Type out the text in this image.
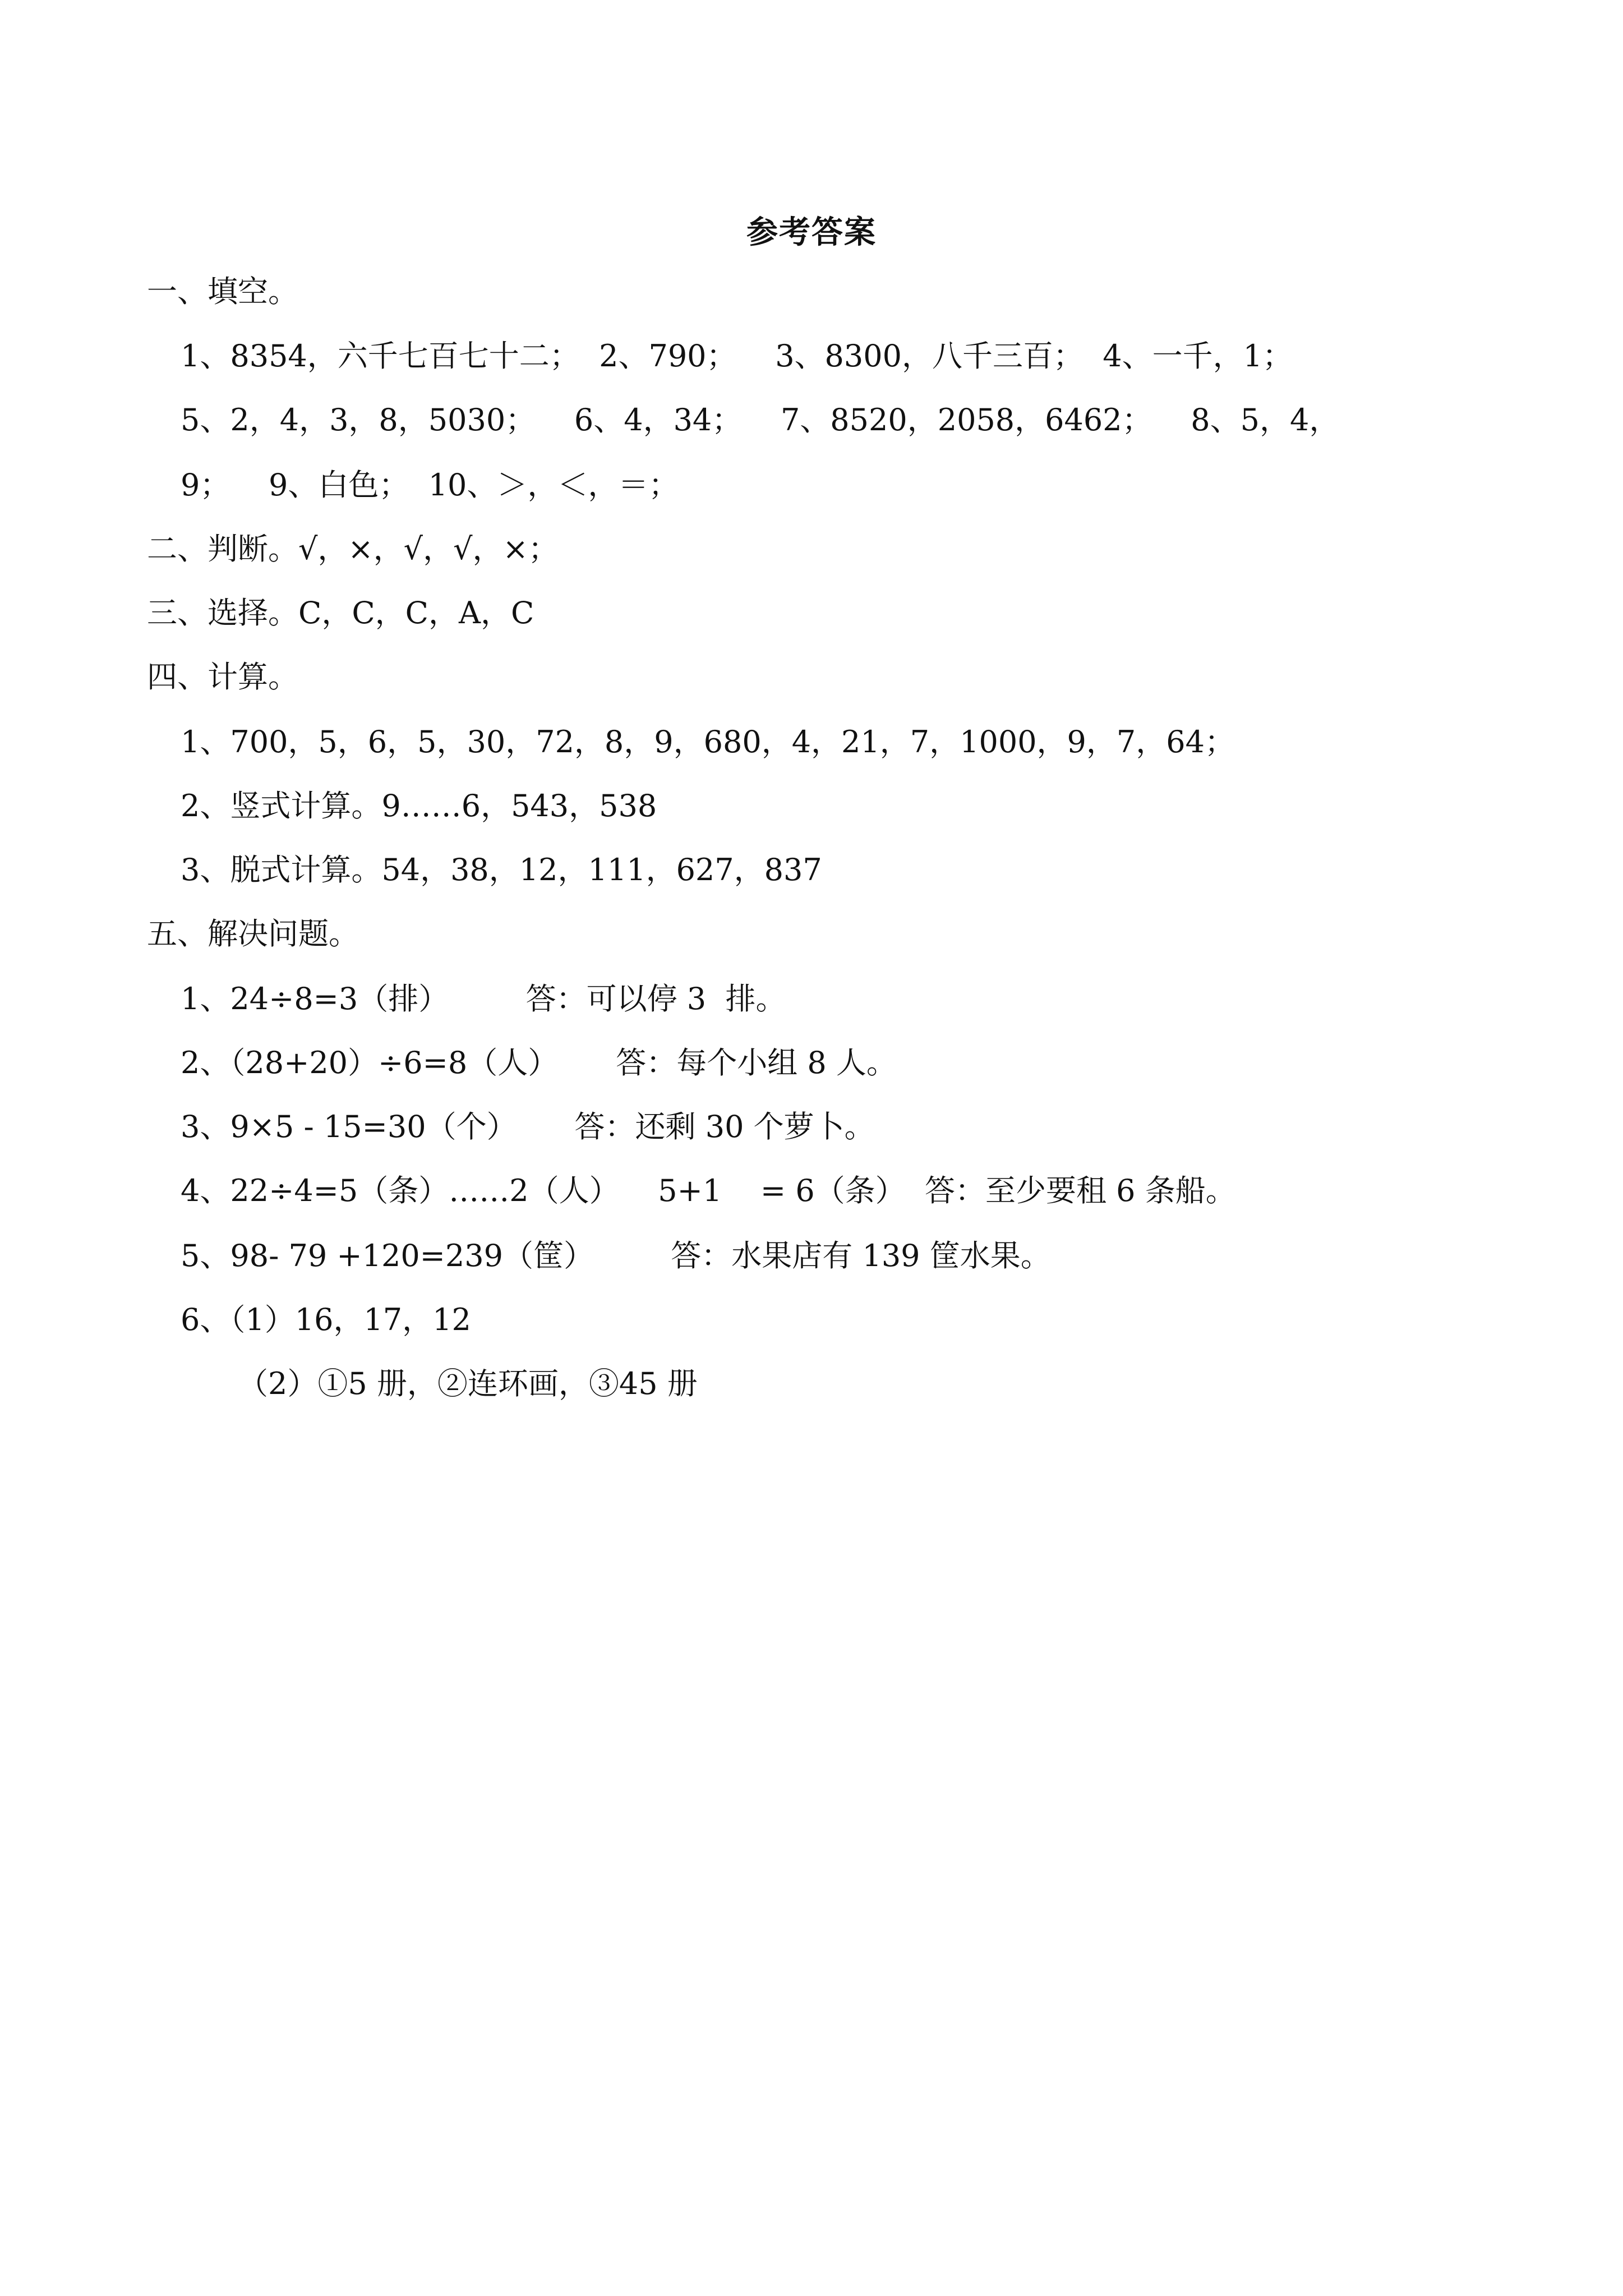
参考答案
一、填空。
1、8354，六千七百七十二；  2、790；    3、8300，八千三百；  4、一千，1；
5、2，4，3，8，5030；    6、4，34；    7、8520，2058，6462；    8、5，4，
9；    9、白色；  10、＞，＜，＝；
二、判断。√，×，√，√，×；
三、选择。C，C，C，A，C
四、计算。
1、700，5，6，5，30，72，8，9，680，4，21，7，1000，9，7，64；
2、竖式计算。9……6，543，538
3、脱式计算。54，38，12，111，627，837
五、解决问题。
1、24÷8=3（排）        答：可以停 3  排。
2、（28+20）÷6=8（人）      答：每个小组 8 人。
3、9×5 - 15=30（个）      答：还剩 30 个萝卜。
4、22÷4=5（条）……2（人）    5+1    = 6（条）  答：至少要租 6 条船。
5、98- 79 +120=239（筐）        答：水果店有 139 筐水果。
6、（1）16，17，12
（2）①5 册，②连环画，③45 册
